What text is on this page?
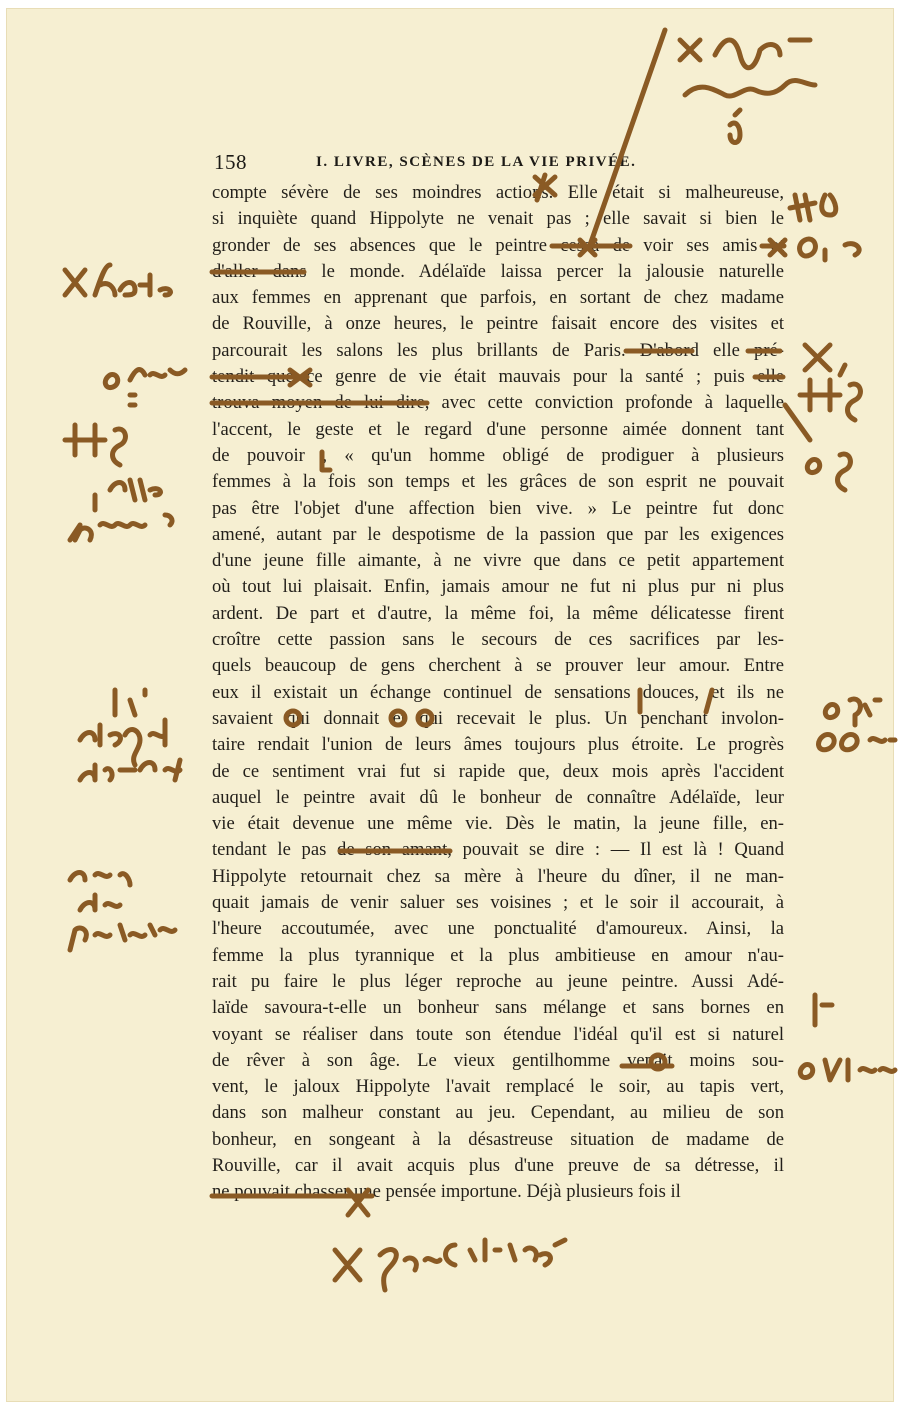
158	I. LIVRE, SCÈNES DE LA VIE PRIVÉE.
compte sévère de ses moindres actions. Elle était si malheureuse,
si inquiète quand Hippolyte ne venait pas ; elle savait si bien le
gronder de ses absences que le peintre cessa de voir ses amis et
d'aller dans le monde. Adélaïde laissa percer la jalousie naturelle
aux femmes en apprenant que parfois, en sortant de chez madame
de Rouville, à onze heures, le peintre faisait encore des visites et
parcourait les salons les plus brillants de Paris. D'abord elle pré-
tendit que ce genre de vie était mauvais pour la santé ; puis elle
trouva moyen de lui dire, avec cette conviction profonde à laquelle
l'accent, le geste et le regard d'une personne aimée donnent tant
de pouvoir , « qu'un homme obligé de prodiguer à plusieurs
femmes à la fois son temps et les grâces de son esprit ne pouvait
pas être l'objet d'une affection bien vive. » Le peintre fut donc
amené, autant par le despotisme de la passion que par les exigences
d'une jeune fille aimante, à ne vivre que dans ce petit appartement
où tout lui plaisait. Enfin, jamais amour ne fut ni plus pur ni plus
ardent. De part et d'autre, la même foi, la même délicatesse firent
croître cette passion sans le secours de ces sacrifices par les-
quels beaucoup de gens cherchent à se prouver leur amour. Entre
eux il existait un échange continuel de sensations douces, et ils ne
savaient qui donnait et qui recevait le plus. Un penchant involon-
taire rendait l'union de leurs âmes toujours plus étroite. Le progrès
de ce sentiment vrai fut si rapide que, deux mois après l'accident
auquel le peintre avait dû le bonheur de connaître Adélaïde, leur
vie était devenue une même vie. Dès le matin, la jeune fille, en-
tendant le pas de son amant, pouvait se dire : — Il est là ! Quand
Hippolyte retournait chez sa mère à l'heure du dîner, il ne man-
quait jamais de venir saluer ses voisines ; et le soir il accourait, à
l'heure accoutumée, avec une ponctualité d'amoureux. Ainsi, la
femme la plus tyrannique et la plus ambitieuse en amour n'au-
rait pu faire le plus léger reproche au jeune peintre. Aussi Adé-
laïde savoura-t-elle un bonheur sans mélange et sans bornes en
voyant se réaliser dans toute son étendue l'idéal qu'il est si naturel
de rêver à son âge. Le vieux gentilhomme venait moins sou-
vent, le jaloux Hippolyte l'avait remplacé le soir, au tapis vert,
dans son malheur constant au jeu. Cependant, au milieu de son
bonheur, en songeant à la désastreuse situation de madame de
Rouville, car il avait acquis plus d'une preuve de sa détresse, il
ne pouvait chasser une pensée importune. Déjà plusieurs fois il
